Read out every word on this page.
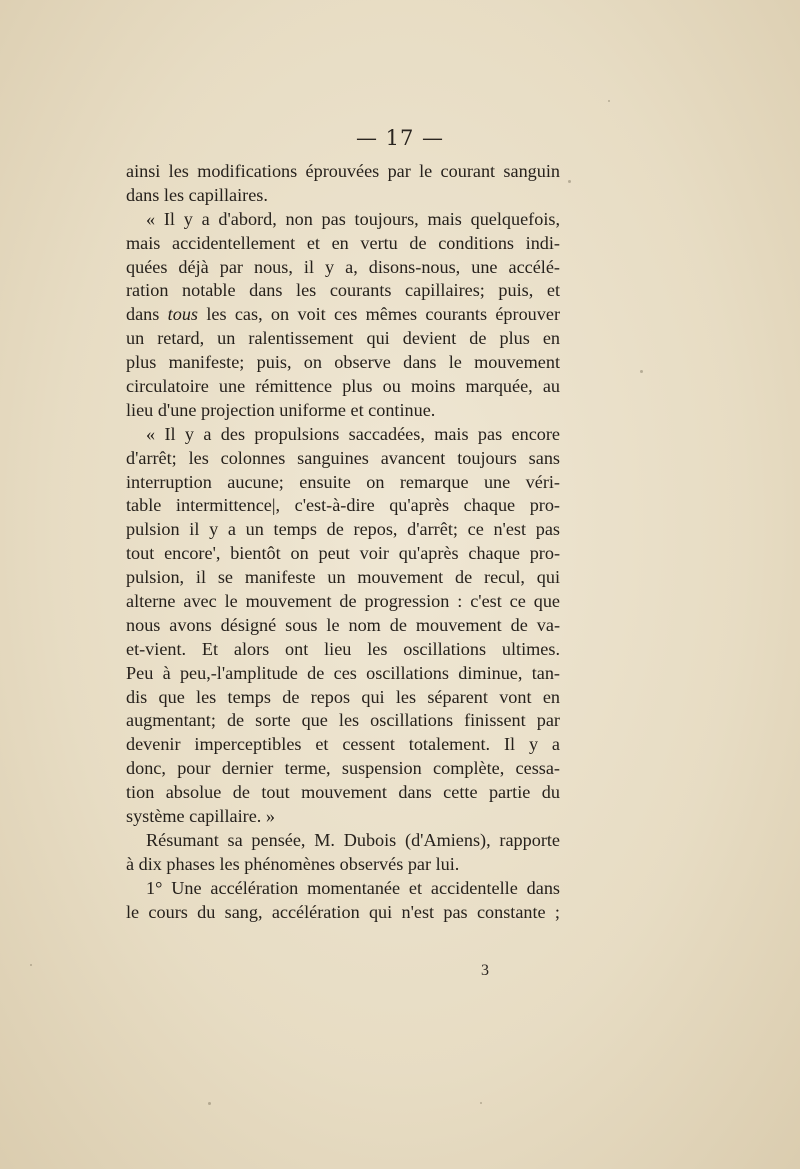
— 17 —
ainsi les modifications éprouvées par le courant sanguin
dans les capillaires.
« Il y a d'abord, non pas toujours, mais quelquefois,
mais accidentellement et en vertu de conditions indi-
quées déjà par nous, il y a, disons-nous, une accélé-
ration notable dans les courants capillaires; puis, et
dans tous les cas, on voit ces mêmes courants éprouver
un retard, un ralentissement qui devient de plus en
plus manifeste; puis, on observe dans le mouvement
circulatoire une rémittence plus ou moins marquée, au
lieu d'une projection uniforme et continue.
« Il y a des propulsions saccadées, mais pas encore
d'arrêt; les colonnes sanguines avancent toujours sans
interruption aucune; ensuite on remarque une véri-
table intermittence|, c'est-à-dire qu'après chaque pro-
pulsion il y a un temps de repos, d'arrêt; ce n'est pas
tout encore', bientôt on peut voir qu'après chaque pro-
pulsion, il se manifeste un mouvement de recul, qui
alterne avec le mouvement de progression : c'est ce que
nous avons désigné sous le nom de mouvement de va-
et-vient. Et alors ont lieu les oscillations ultimes.
Peu à peu,-l'amplitude de ces oscillations diminue, tan-
dis que les temps de repos qui les séparent vont en
augmentant; de sorte que les oscillations finissent par
devenir imperceptibles et cessent totalement. Il y a
donc, pour dernier terme, suspension complète, cessa-
tion absolue de tout mouvement dans cette partie du
système capillaire. »
Résumant sa pensée, M. Dubois (d'Amiens), rapporte
à dix phases les phénomènes observés par lui.
1° Une accélération momentanée et accidentelle dans
le cours du sang, accélération qui n'est pas constante ;
3
